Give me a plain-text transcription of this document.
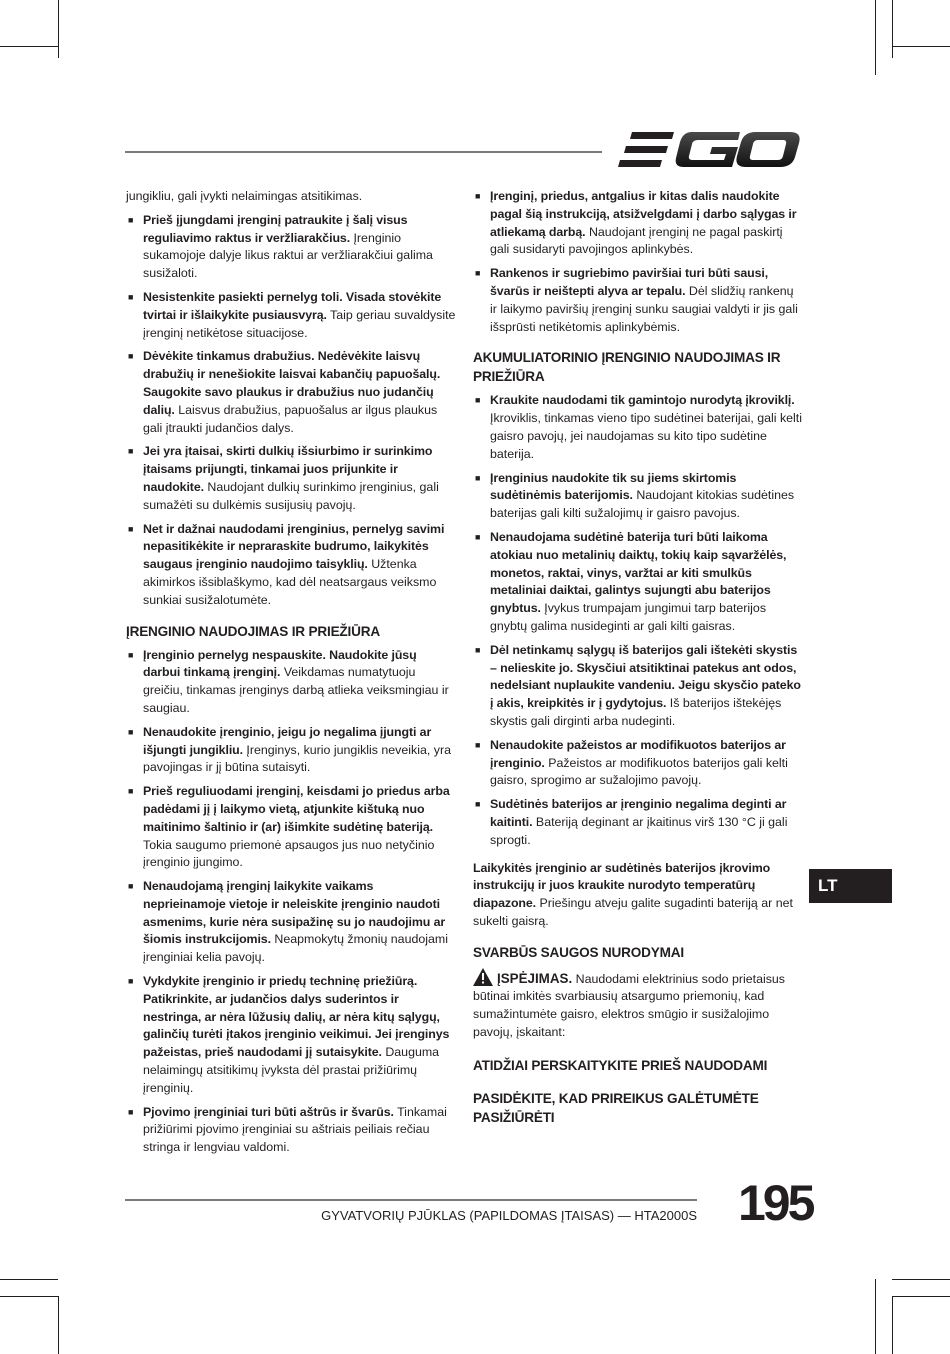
jungikliu, gali įvykti nelaimingas atsitikimas.

■ Prieš įjungdami įrenginį patraukite į šalį visus reguliavimo raktus ir veržliarakčius. Įrenginio sukamojoje dalyje likus raktui ar veržliarakčiui galima susižaloti.
■ Nesistenkite pasiekti pernelyg toli. Visada stovėkite tvirtai ir išlaikykite pusiausvyrą. Taip geriau suvaldysite įrenginį netikėtose situacijose.
■ Dėvėkite tinkamus drabužius. Nedėvėkite laisvų drabužių ir nenešiokite laisvai kabančių papuošalų. Saugokite savo plaukus ir drabužius nuo judančių dalių. Laisvus drabužius, papuošalus ar ilgus plaukus gali įtraukti judančios dalys.
■ Jei yra įtaisai, skirti dulkių išsiurbimo ir surinkimo įtaisams prijungti, tinkamai juos prijunkite ir naudokite. Naudojant dulkių surinkimo įrenginius, gali sumažėti su dulkėmis susijusių pavojų.
■ Net ir dažnai naudodami įrenginius, pernelyg savimi nepasitikėkite ir nepraraskite budrumo, laikykitės saugaus įrenginio naudojimo taisyklių. Užtenka akimirkos išsiblaškymo, kad dėl neatsargaus veiksmo sunkiai susižalotumėte.
ĮRENGINIO NAUDOJIMAS IR PRIEŽIŪRA
■ Įrenginio pernelyg nespauskite. Naudokite jūsų darbui tinkamą įrenginį. Veikdamas numatytuoju greičiu, tinkamas įrenginys darbą atlieka veiksmingiau ir saugiau.
■ Nenaudokite įrenginio, jeigu jo negalima įjungti ar išjungti jungikliu. Įrenginys, kurio jungiklis neveikia, yra pavojingas ir jį būtina sutaisyti.
■ Prieš reguliuodami įrenginį, keisdami jo priedus arba padėdami jį į laikymo vietą, atjunkite kištuką nuo maitinimo šaltinio ir (ar) išimkite sudėtinę bateriją. Tokia saugumo priemonė apsaugos jus nuo netyčinio įrenginio įjungimo.
■ Nenaudojamą įrenginį laikykite vaikams neprieinamoje vietoje ir neleiskite įrenginio naudoti asmenims, kurie nėra susipažinę su jo naudojimu ar šiomis instrukcijomis. Neapmokytų žmonių naudojami įrenginiai kelia pavojų.
■ Vykdykite įrenginio ir priedų techninę priežiūrą. Patikrinkite, ar judančios dalys suderintos ir nestringa, ar nėra lūžusių dalių, ar nėra kitų sąlygų, galinčių turėti įtakos įrenginio veikimui. Jei įrenginys pažeistas, prieš naudodami jį sutaisykite. Dauguma nelaimingų atsitikimų įvyksta dėl prastai prižiūrimų įrenginių.
■ Pjovimo įrenginiai turi būti aštrūs ir švarūs. Tinkamai prižiūrimi pjovimo įrenginiai su aštriais peiliais rečiau stringa ir lengviau valdomi.
■ Įrenginį, priedus, antgalius ir kitas dalis naudokite pagal šią instrukciją, atsižvelgdami į darbo sąlygas ir atliekamą darbą. Naudojant įrenginį ne pagal paskirtį gali susidaryti pavojingos aplinkybės.
■ Rankenos ir sugriebimo paviršiai turi būti sausi, švarūs ir neištepti alyva ar tepalu. Dėl slidžių rankenų ir laikymo paviršių įrenginį sunku saugiai valdyti ir jis gali išsprūsti netikėtomis aplinkybėmis.
AKUMULIATORINIO ĮRENGINIO NAUDOJIMAS IR PRIEŽIŪRA
■ Kraukite naudodami tik gamintojo nurodytą įkroviklį. Įkroviklis, tinkamas vieno tipo sudėtinei baterijai, gali kelti gaisro pavojų, jei naudojamas su kito tipo sudėtine baterija.
■ Įrenginius naudokite tik su jiems skirtomis sudėtinėmis baterijomis. Naudojant kitokias sudėtines baterijas gali kilti sužalojimų ir gaisro pavojus.
■ Nenaudojama sudėtinė baterija turi būti laikoma atokiau nuo metalinių daiktų, tokių kaip sąvaržėlės, monetos, raktai, vinys, varžtai ar kiti smulkūs metaliniai daiktai, galintys sujungti abu baterijos gnybtus. Įvykus trumpajam jungimui tarp baterijos gnybtų galima nusideginti ar gali kilti gaisras.
■ Dėl netinkamų sąlygų iš baterijos gali ištekėti skystis – nelieskite jo. Skysčiui atsitiktinai patekus ant odos, nedelsiant nuplaukite vandeniu. Jeigu skysčio pateko į akis, kreipkitės ir į gydytojus. Iš baterijos ištekėjęs skystis gali dirginti arba nudeginti.
■ Nenaudokite pažeistos ar modifikuotos baterijos ar įrenginio. Pažeistos ar modifikuotos baterijos gali kelti gaisro, sprogimo ar sužalojimo pavojų.
■ Sudėtinės baterijos ar įrenginio negalima deginti ar kaitinti. Bateriją deginant ar įkaitinus virš 130 °C ji gali sprogti.

Laikykitės įrenginio ar sudėtinės baterijos įkrovimo instrukcijų ir juos kraukite nurodyto temperatūrų diapazone. Priešingu atveju galite sugadinti bateriją ar net sukelti gaisrą.

SVARBŪS SAUGOS NURODYMAI

ĮSPĖJIMAS. Naudodami elektrinius sodo prietaisus būtinai imkitės svarbiausių atsargumo priemonių, kad sumažintumėte gaisro, elektros smūgio ir susižalojimo pavojų, įskaitant:

ATIDŽIAI PERSKAITYKITE PRIEŠ NAUDODAMI
PASIDĖKITE, KAD PRIREIKUS GALĖTUMĖTE PASIŽIŪRĖTI
LT
GYVATVORIŲ PJŪKLAS (PAPILDOMAS ĮTAISAS) — HTA2000S 195
